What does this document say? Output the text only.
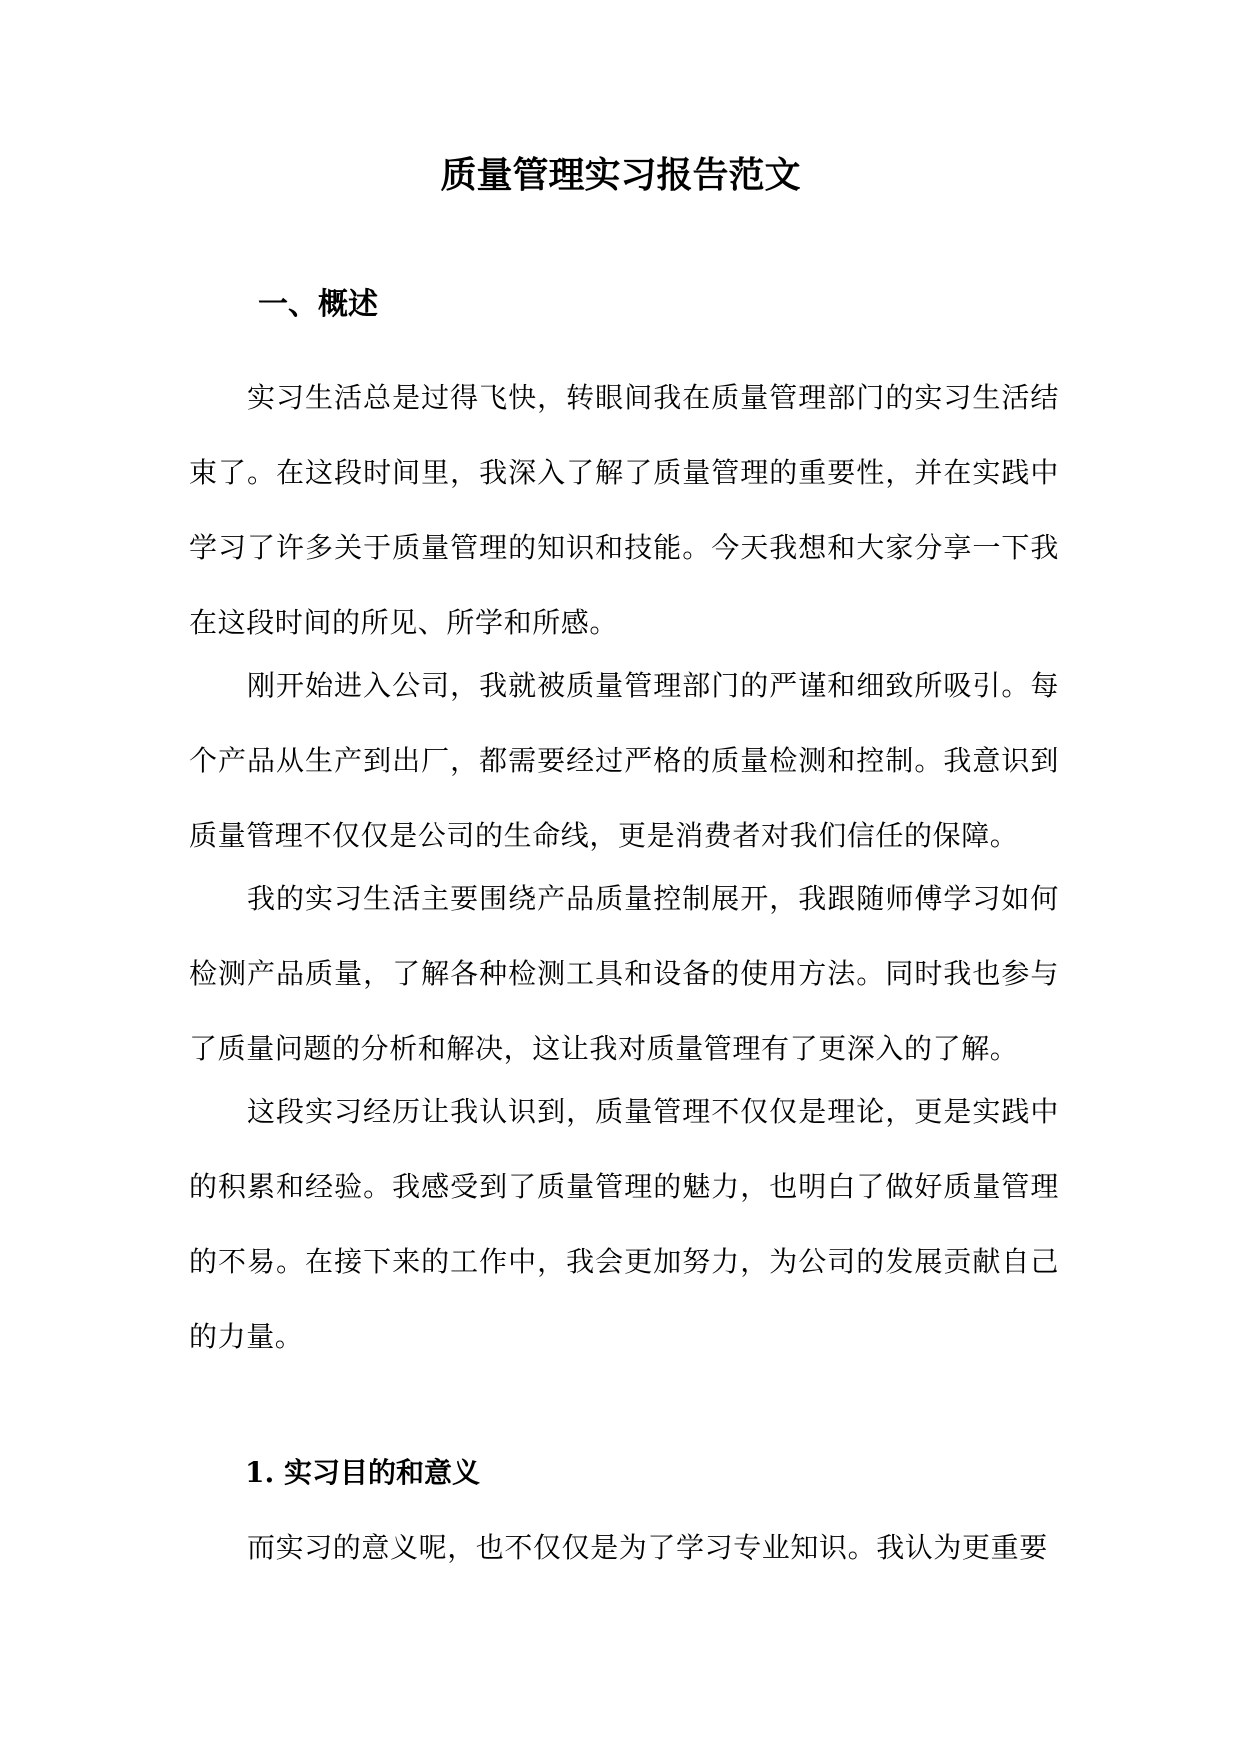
质量管理实习报告范文
一、概述

实习生活总是过得飞快，转眼间我在质量管理部门的实习生活结束了。在这段时间里，我深入了解了质量管理的重要性，并在实践中学习了许多关于质量管理的知识和技能。今天我想和大家分享一下我在这段时间的所见、所学和所感。

刚开始进入公司，我就被质量管理部门的严谨和细致所吸引。每个产品从生产到出厂，都需要经过严格的质量检测和控制。我意识到质量管理不仅仅是公司的生命线，更是消费者对我们信任的保障。

我的实习生活主要围绕产品质量控制展开，我跟随师傅学习如何检测产品质量，了解各种检测工具和设备的使用方法。同时我也参与了质量问题的分析和解决，这让我对质量管理有了更深入的了解。

这段实习经历让我认识到，质量管理不仅仅是理论，更是实践中的积累和经验。我感受到了质量管理的魅力，也明白了做好质量管理的不易。在接下来的工作中，我会更加努力，为公司的发展贡献自己的力量。

1. 实习目的和意义

而实习的意义呢，也不仅仅是为了学习专业知识。我认为更重要
